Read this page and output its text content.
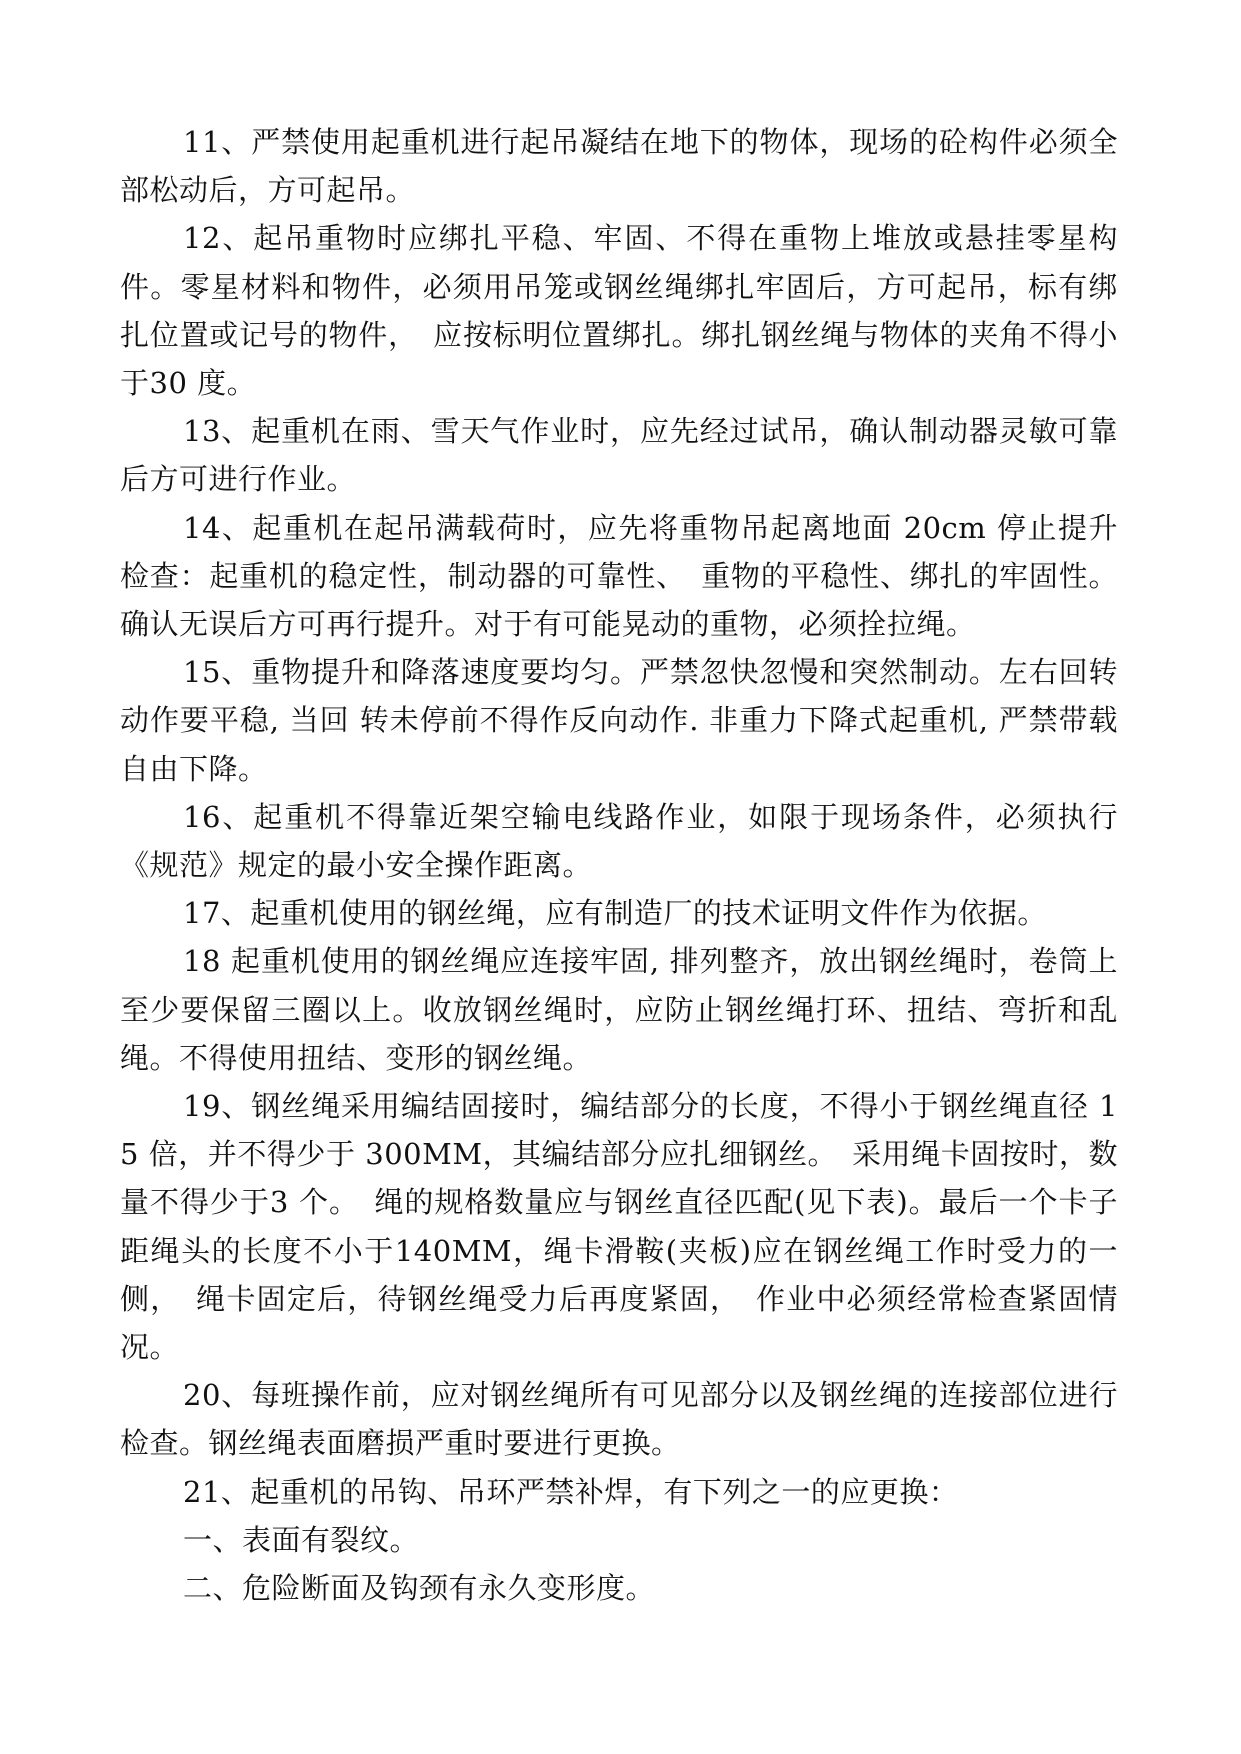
11、严禁使用起重机进行起吊凝结在地下的物体，现场的砼构件必须全部松动后，方可起吊。

12、起吊重物时应绑扎平稳、牢固、不得在重物上堆放或悬挂零星构件。零星材料和物件，必须用吊笼或钢丝绳绑扎牢固后，方可起吊，标有绑扎位置或记号的物件，　应按标明位置绑扎。绑扎钢丝绳与物体的夹角不得小于30 度。

13、起重机在雨、雪天气作业时，应先经过试吊，确认制动器灵敏可靠后方可进行作业。

14、起重机在起吊满载荷时，应先将重物吊起离地面 20cm 停止提升检查：起重机的稳定性，制动器的可靠性、　重物的平稳性、绑扎的牢固性。确认无误后方可再行提升。对于有可能晃动的重物，必须拴拉绳。

15、重物提升和降落速度要均匀。严禁忽快忽慢和突然制动。左右回转动作要平稳, 当回 转未停前不得作反向动作. 非重力下降式起重机, 严禁带载自由下降。

16、起重机不得靠近架空输电线路作业，如限于现场条件，必须执行《规范》规定的最小安全操作距离。

17、起重机使用的钢丝绳，应有制造厂的技术证明文件作为依据。

18 起重机使用的钢丝绳应连接牢固, 排列整齐，放出钢丝绳时，卷筒上至少要保留三圈以上。收放钢丝绳时，应防止钢丝绳打环、扭结、弯折和乱绳。不得使用扭结、变形的钢丝绳。

19、钢丝绳采用编结固接时，编结部分的长度，不得小于钢丝绳直径 15 倍，并不得少于 300MM，其编结部分应扎细钢丝。　采用绳卡固按时，数量不得少于3 个。　绳的规格数量应与钢丝直径匹配(见下表)。最后一个卡子距绳头的长度不小于140MM，绳卡滑鞍(夹板)应在钢丝绳工作时受力的一侧，　绳卡固定后，待钢丝绳受力后再度紧固，　作业中必须经常检查紧固情况。

20、每班操作前，应对钢丝绳所有可见部分以及钢丝绳的连接部位进行检查。钢丝绳表面磨损严重时要进行更换。

21、起重机的吊钩、吊环严禁补焊，有下列之一的应更换：

一、表面有裂纹。

二、危险断面及钩颈有永久变形度。
